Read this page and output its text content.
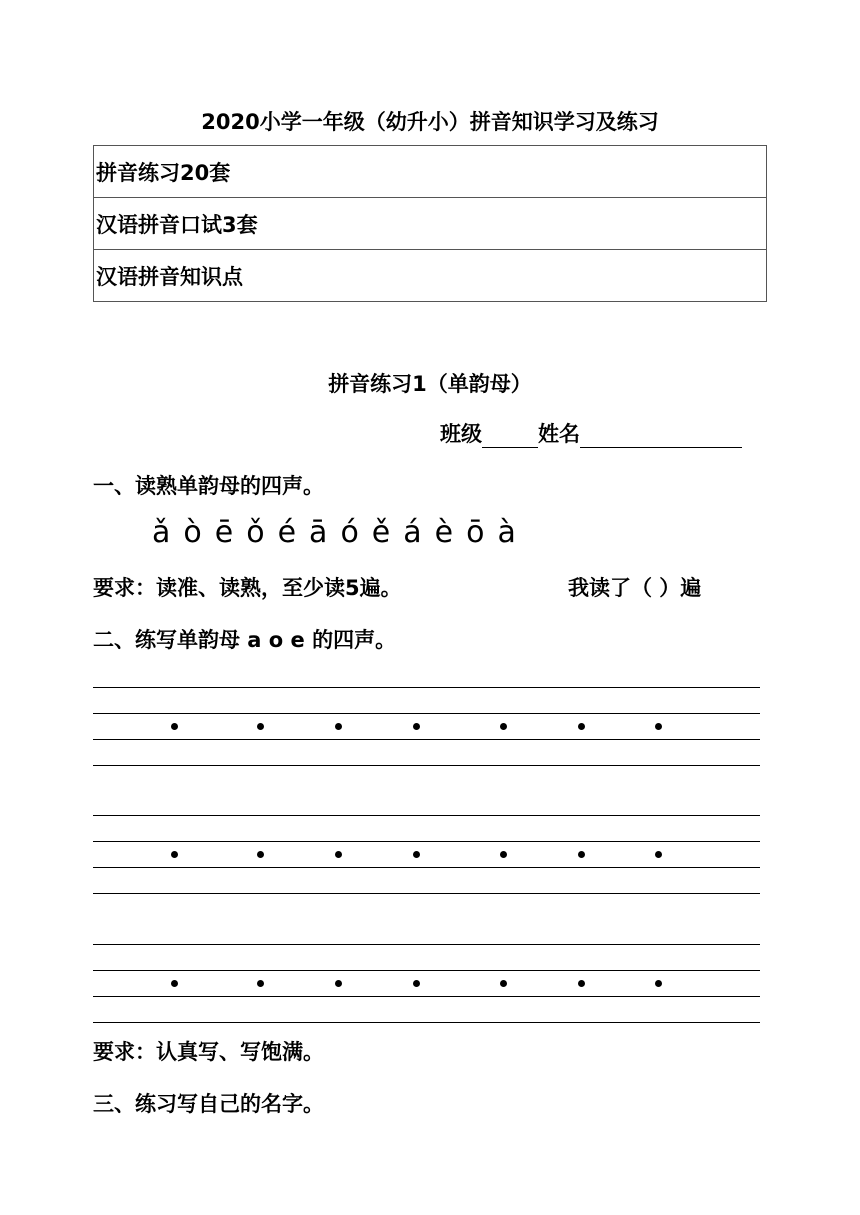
2020小学一年级（幼升小）拼音知识学习及练习
拼音练习20套
汉语拼音口试3套
汉语拼音知识点
拼音练习1（单韵母）
班级	姓名
一、读熟单韵母的四声。
ǎ ò ē ǒ é ā ó ě á è ō à
要求：读准、读熟，至少读5遍。	我读了（ ）遍
二、练写单韵母 a o e 的四声。
要求：认真写、写饱满。
三、练习写自己的名字。
